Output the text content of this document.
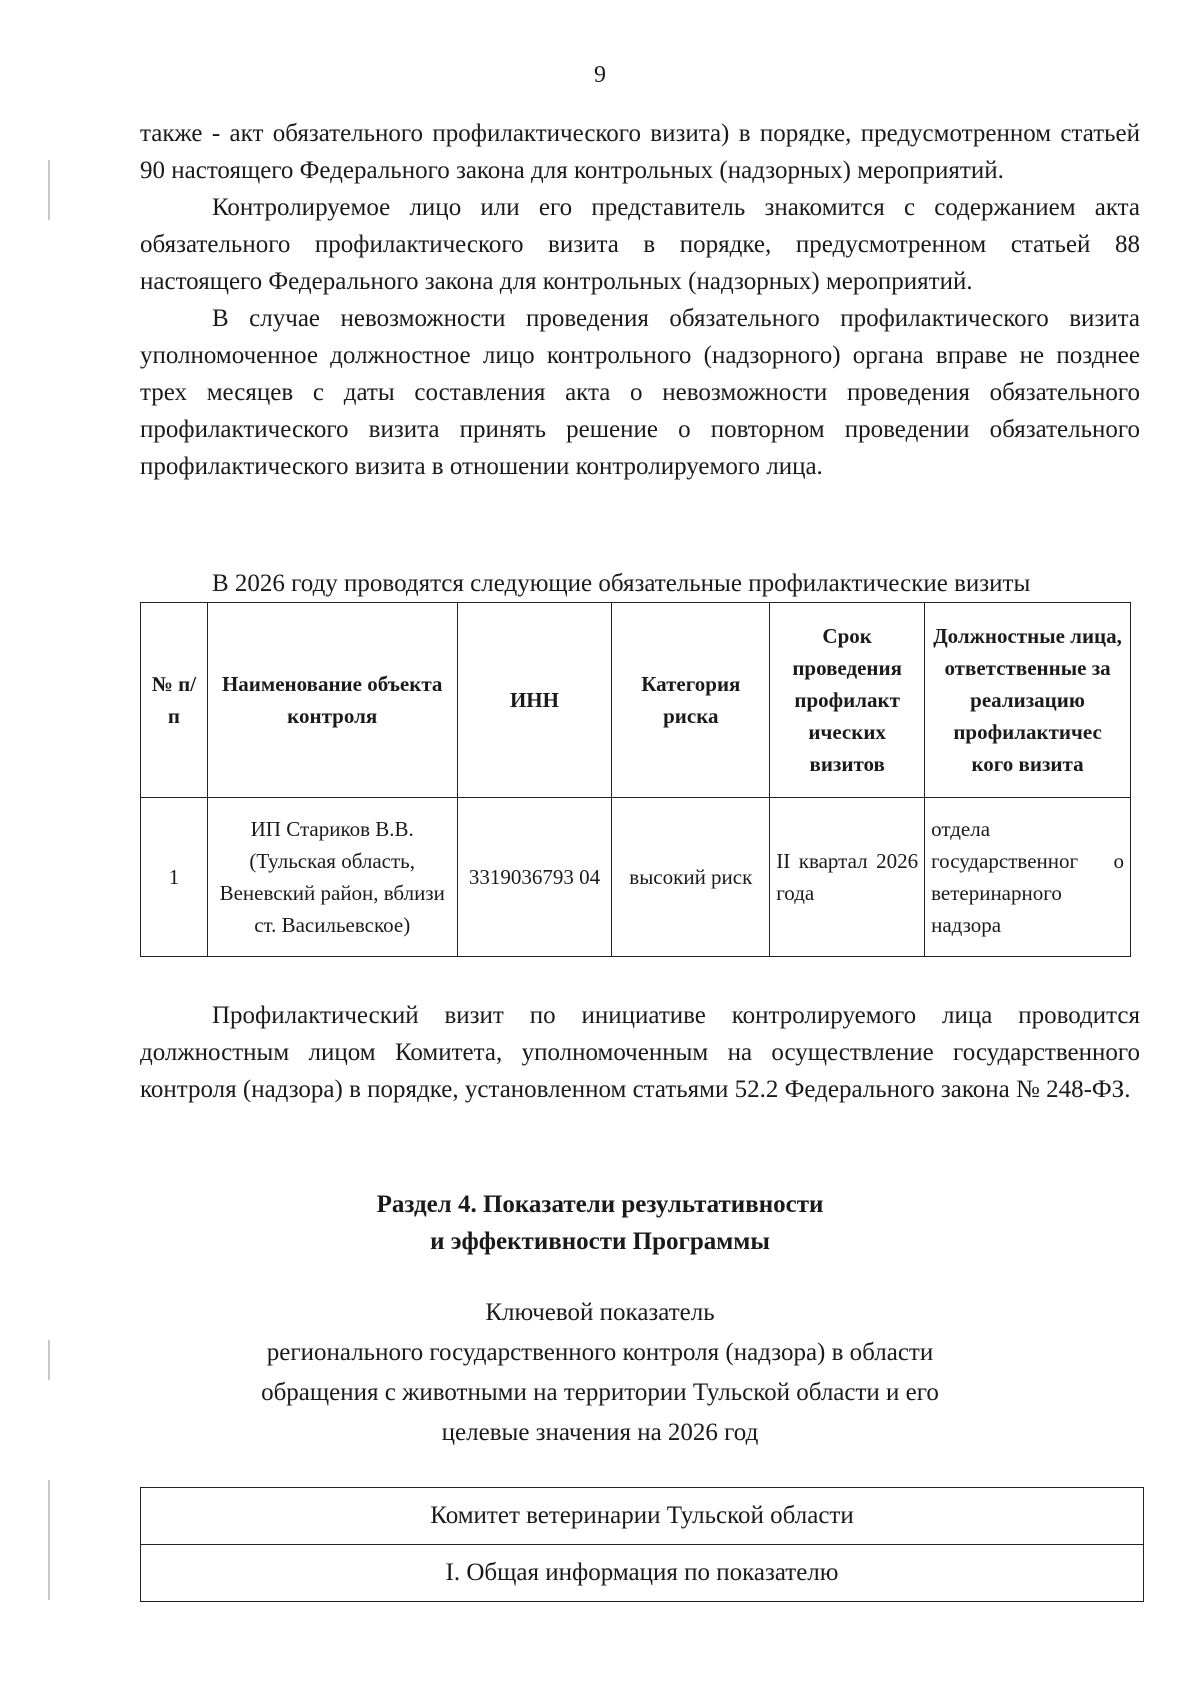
9

также - акт обязательного профилактического визита) в порядке, предусмотренном статьей 90 настоящего Федерального закона для контрольных (надзорных) мероприятий.

Контролируемое лицо или его представитель знакомится с содержанием акта обязательного профилактического визита в порядке, предусмотренном статьей 88 настоящего Федерального закона для контрольных (надзорных) мероприятий.

В случае невозможности проведения обязательного профилактического визита уполномоченное должностное лицо контрольного (надзорного) органа вправе не позднее трех месяцев с даты составления акта о невозможности проведения обязательного профилактического визита принять решение о повторном проведении обязательного профилактического визита в отношении контролируемого лица.

В 2026 году проводятся следующие обязательные профилактические визиты
№ п/п	Наименование объекта контроля	ИНН	Категория риска	Срок проведения профилакт ических визитов	Должностные лица, ответственные за реализацию профилактичес кого визита
1	ИП Стариков В.В. (Тульская область, Веневский район, вблизи ст. Васильевское)	3319036793 04	высокий риск	II квартал 2026 года	отдела государственног о ветеринарного надзора

Профилактический визит по инициативе контролируемого лица проводится должностным лицом Комитета, уполномоченным на осуществление государственного контроля (надзора) в порядке, установленном статьями 52.2 Федерального закона № 248-ФЗ.

Раздел 4. Показатели результативности
и эффективности Программы
Ключевой показатель
регионального государственного контроля (надзора) в области
обращения с животными на территории Тульской области и его
целевые значения на 2026 год
Комитет ветеринарии Тульской области
I. Общая информация по показателю
